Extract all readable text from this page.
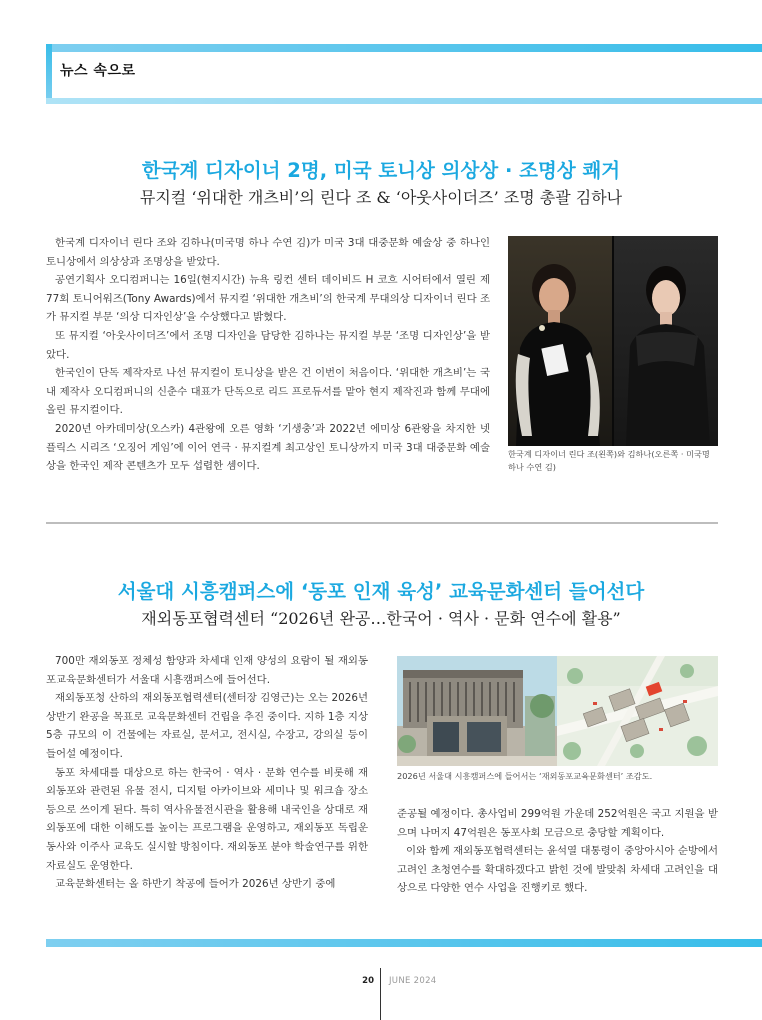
뉴스 속으로
한국계 디자이너 2명, 미국 토니상 의상상 · 조명상 쾌거
뮤지컬 ‘위대한 개츠비’의 린다 조 & ‘아웃사이더즈’ 조명 총괄 김하나

한국계 디자이너 린다 조와 김하나(미국명 하나 수연 김)가 미국 3대 대중문화 예술상 중 하나인 토니상에서 의상상과 조명상을 받았다.

공연기획사 오디컴퍼니는 16일(현지시간) 뉴욕 링컨 센터 데이비드 H 코흐 시어터에서 열린 제77회 토니어워즈(Tony Awards)에서 뮤지컬 ‘위대한 개츠비’의 한국계 무대의상 디자이너 린다 조가 뮤지컬 부문 ‘의상 디자인상’을 수상했다고 밝혔다.

또 뮤지컬 ‘아웃사이더즈’에서 조명 디자인을 담당한 김하나는 뮤지컬 부문 ‘조명 디자인상’을 받았다.

한국인이 단독 제작자로 나선 뮤지컬이 토니상을 받은 건 이번이 처음이다. ‘위대한 개츠비’는 국내 제작사 오디컴퍼니의 신춘수 대표가 단독으로 리드 프로듀서를 맡아 현지 제작진과 함께 무대에 올린 뮤지컬이다.

2020년 아카데미상(오스카) 4관왕에 오른 영화 ‘기생충’과 2022년 에미상 6관왕을 차지한 넷플릭스 시리즈 ‘오징어 게임’에 이어 연극 · 뮤지컬계 최고상인 토니상까지 미국 3대 대중문화 예술상을 한국인 제작 콘텐츠가 모두 섭렵한 셈이다.

한국계 디자이너 린다 조(왼쪽)와 김하나(오른쪽 · 미국명 하나 수연 김)
서울대 시흥캠퍼스에 ‘동포 인재 육성’ 교육문화센터 들어선다
재외동포협력센터 “2026년 완공…한국어 · 역사 · 문화 연수에 활용”

700만 재외동포 정체성 함양과 차세대 인재 양성의 요람이 될 재외동포교육문화센터가 서울대 시흥캠퍼스에 들어선다.

재외동포청 산하의 재외동포협력센터(센터장 김영근)는 오는 2026년 상반기 완공을 목표로 교육문화센터 건립을 추진 중이다. 지하 1층 지상 5층 규모의 이 건물에는 자료실, 문서고, 전시실, 수장고, 강의실 등이 들어설 예정이다.

동포 차세대를 대상으로 하는 한국어 · 역사 · 문화 연수를 비롯해 재외동포와 관련된 유물 전시, 디지털 아카이브와 세미나 및 워크숍 장소 등으로 쓰이게 된다. 특히 역사유물전시관을 활용해 내국인을 상대로 재외동포에 대한 이해도를 높이는 프로그램을 운영하고, 재외동포 독립운동사와 이주사 교육도 실시할 방침이다. 재외동포 분야 학술연구를 위한 자료실도 운영한다.

교육문화센터는 올 하반기 착공에 들어가 2026년 상반기 중에

2026년 서울대 시흥캠퍼스에 들어서는 ‘재외동포교육문화센터’ 조감도.

준공될 예정이다. 총사업비 299억원 가운데 252억원은 국고 지원을 받으며 나머지 47억원은 동포사회 모금으로 충당할 계획이다.

이와 함께 재외동포협력센터는 윤석열 대통령이 중앙아시아 순방에서 고려인 초청연수를 확대하겠다고 밝힌 것에 발맞춰 차세대 고려인을 대상으로 다양한 연수 사업을 진행키로 했다.

20 JUNE 2024
